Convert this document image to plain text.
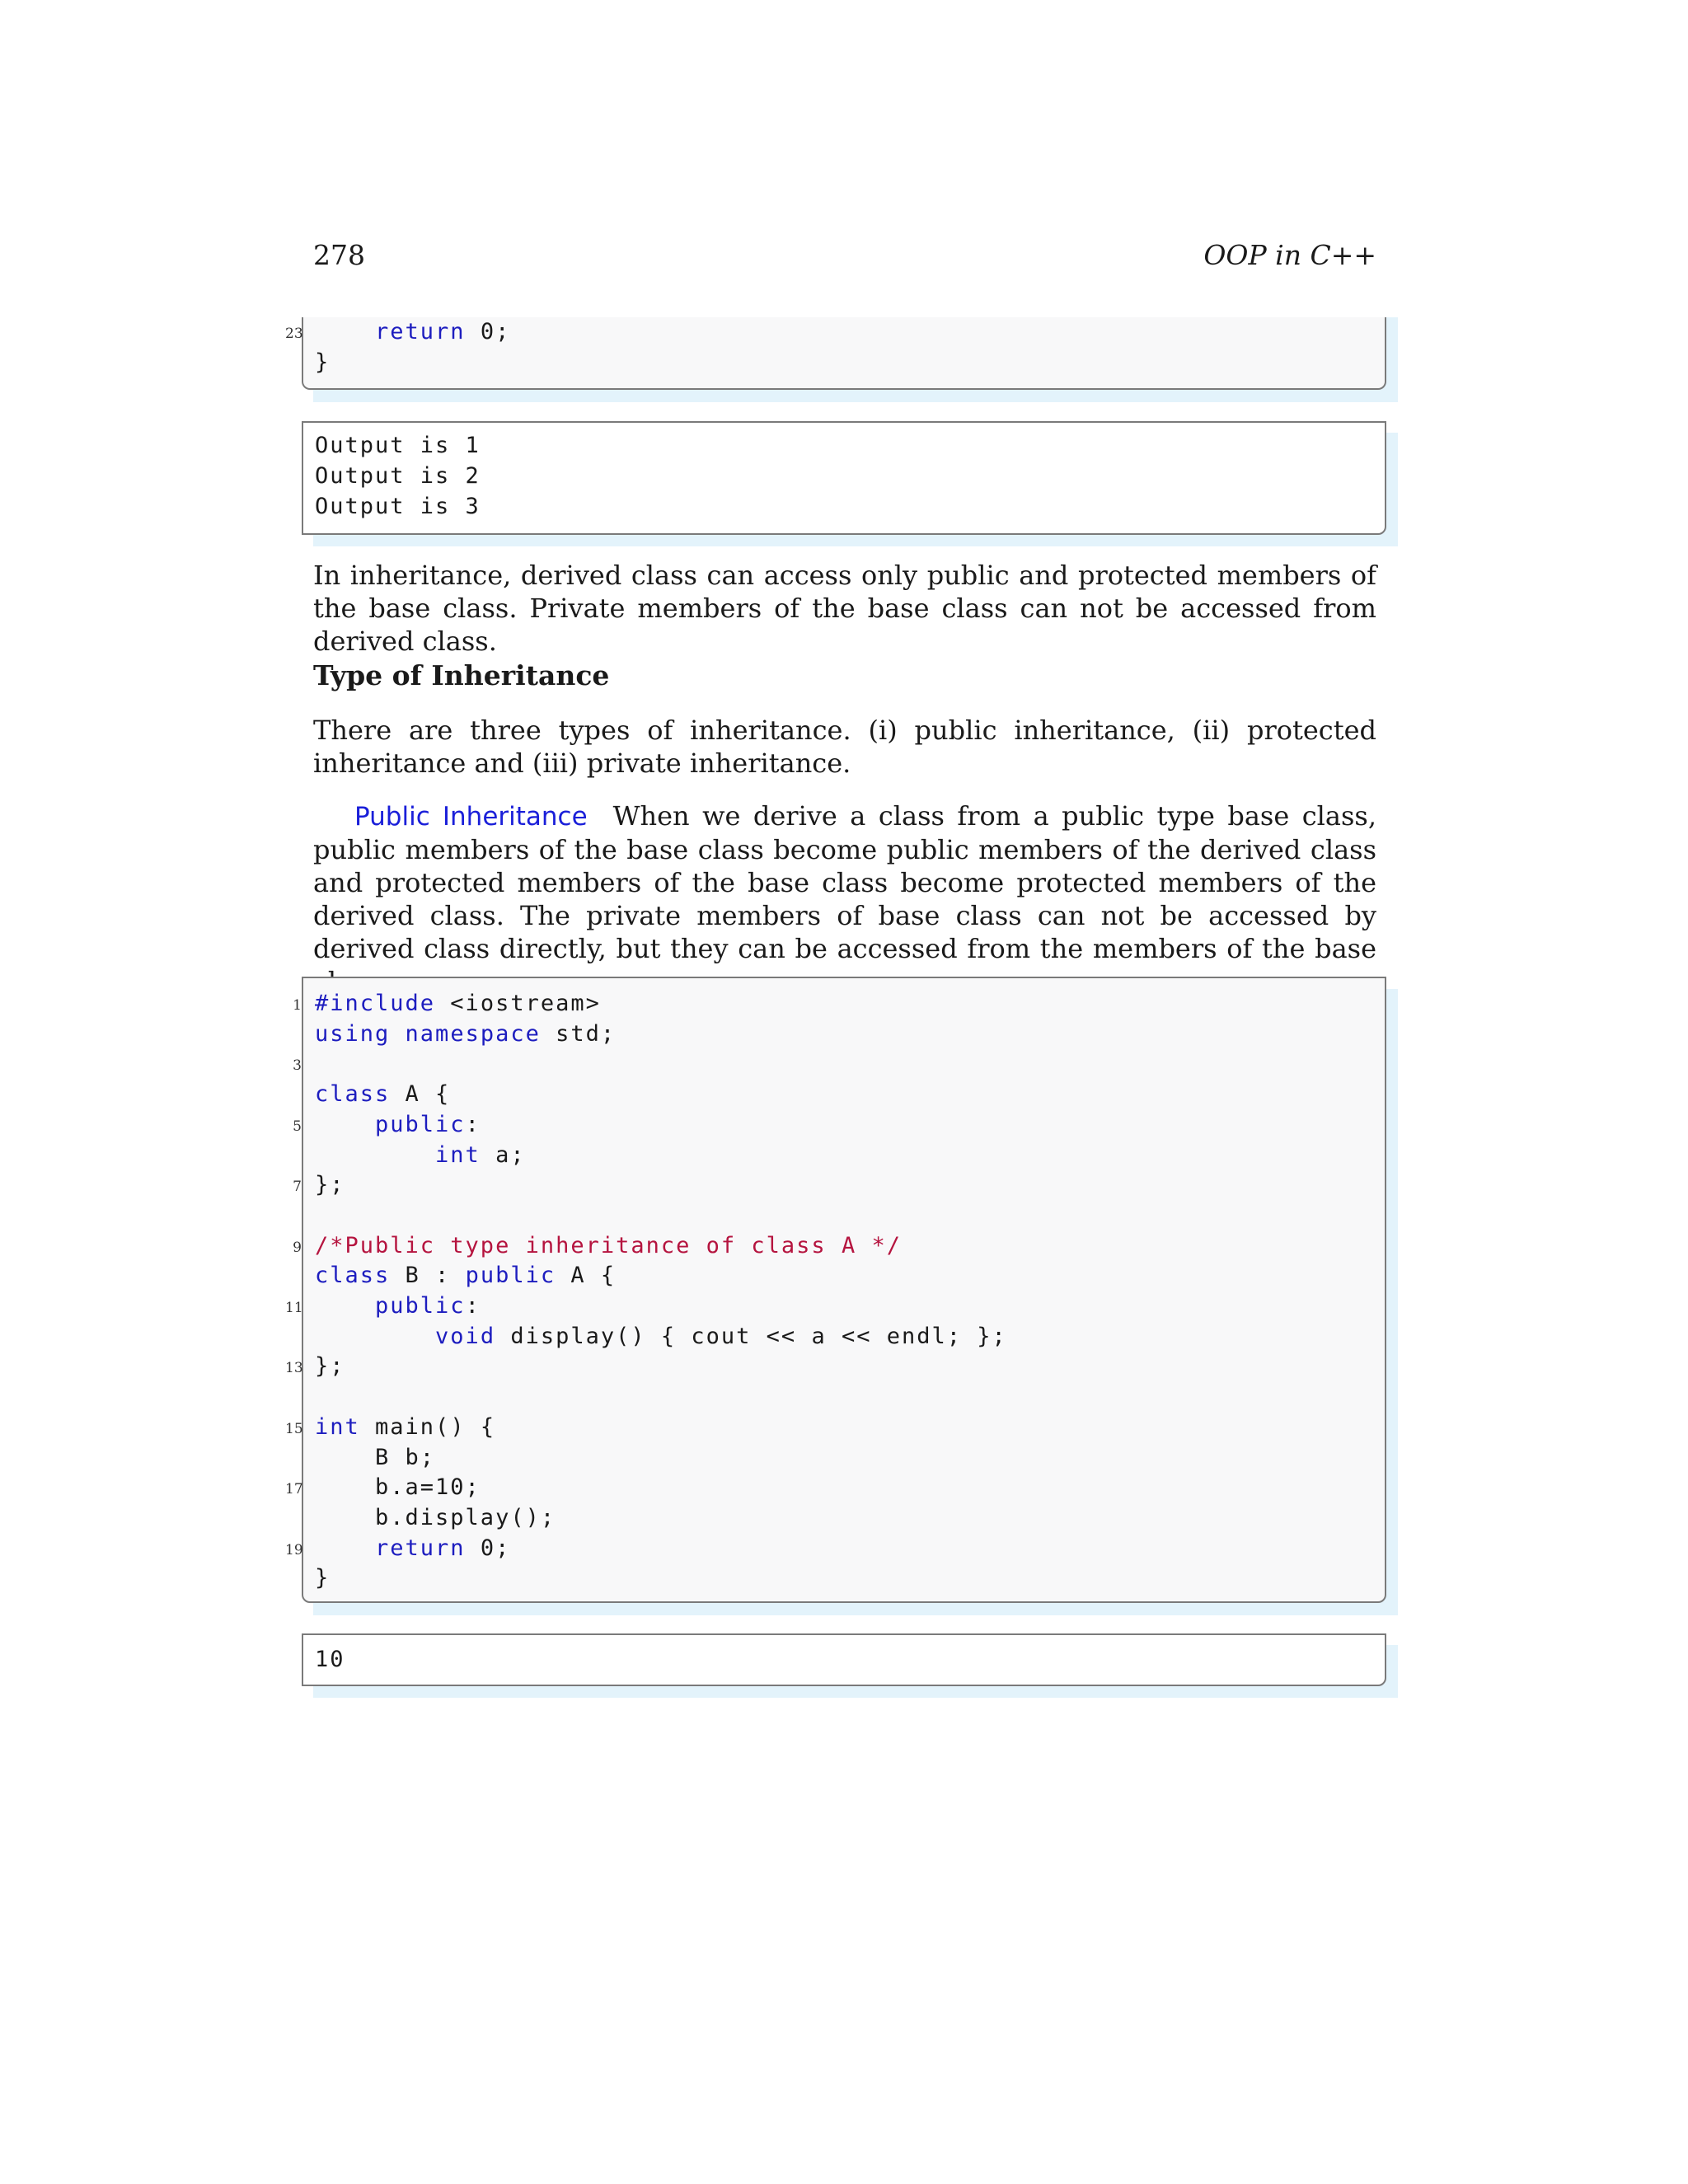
278	OOP in C++
23	return 0;
}
Output is 1
Output is 2
Output is 3
In inheritance, derived class can access only public and protected members of the base class. Private members of the base class can not be accessed from derived class.
Type of Inheritance
There are three types of inheritance. (i) public inheritance, (ii) protected inheritance and (iii) private inheritance.
Public Inheritance When we derive a class from a public type base class, public members of the base class become public members of the derived class and protected members of the base class become protected members of the derived class. The private members of base class can not be accessed by derived class directly, but they can be accessed from the members of the base
1 #include <iostream>
using namespace std;
3
class A {
5	public:
int a;
7 };
9 /*Public type inheritance of class A */
class B : public A {
11	public:
void display() { cout << a << endl; };
13 };
15 int main() {
B b;
17 b.a=10;
b.display();
19	return 0;
}
10
